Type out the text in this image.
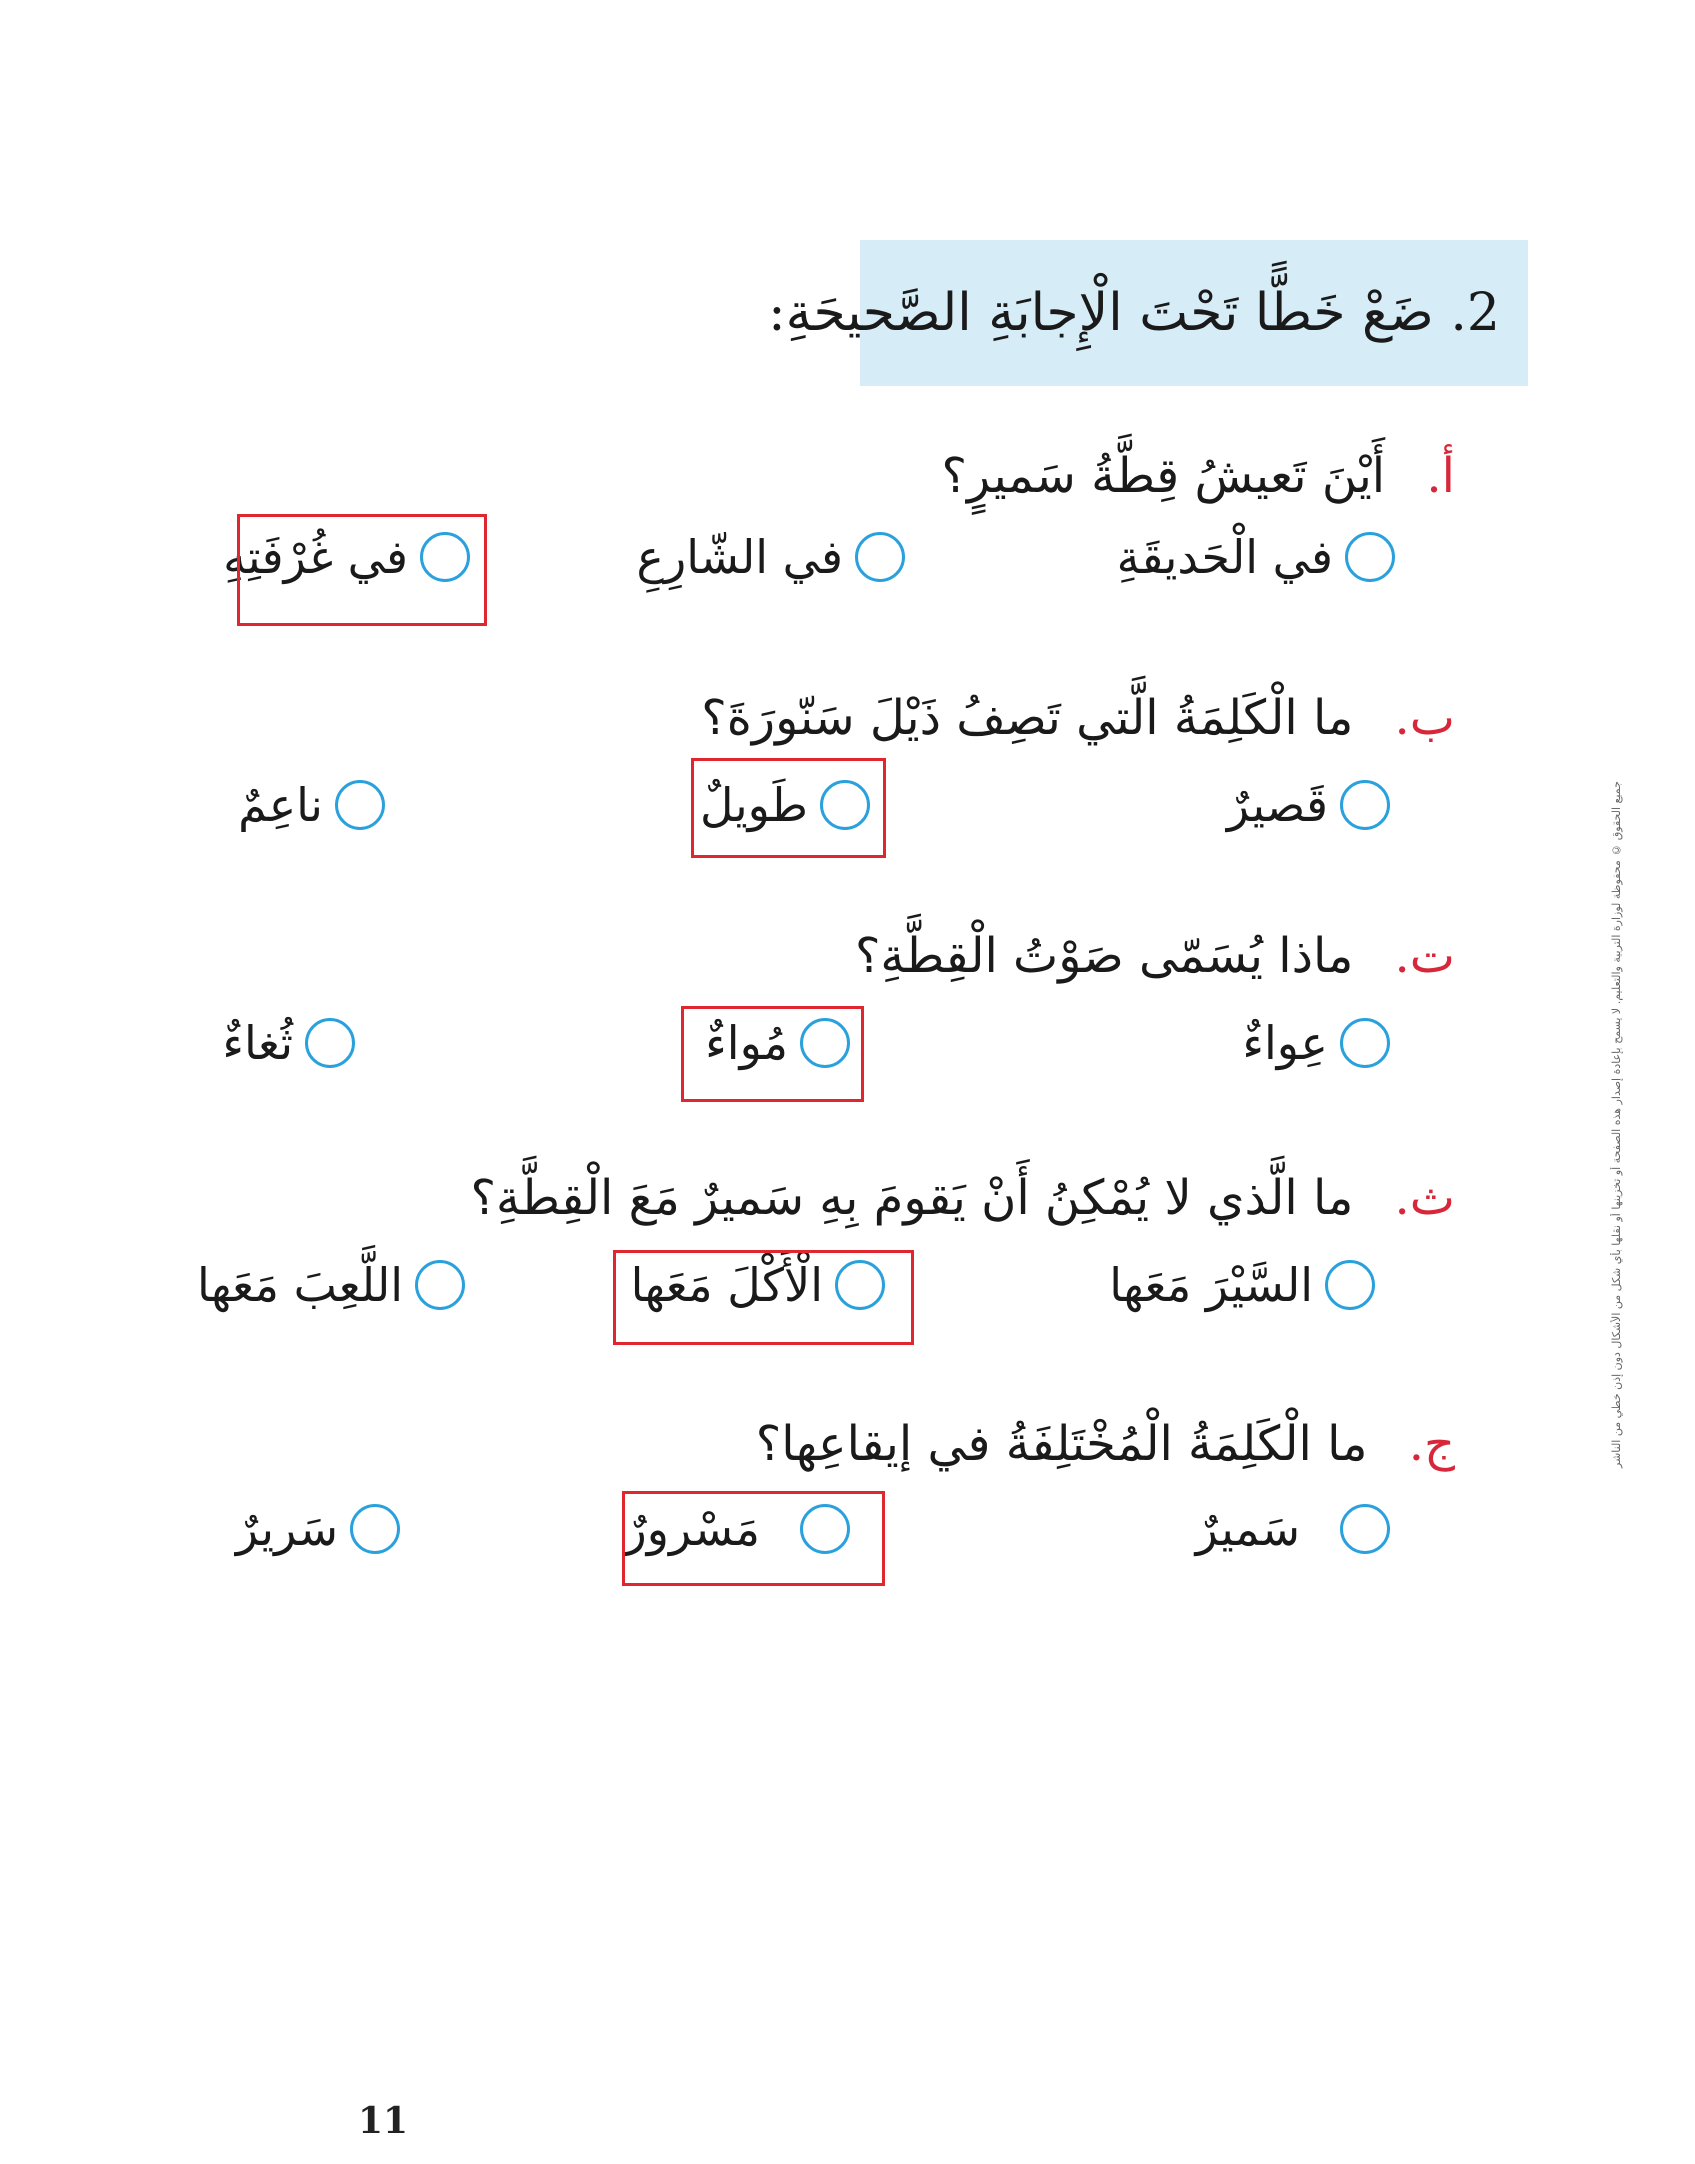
2. ضَعْ خَطًّا تَحْتَ الْإِجابَةِ الصَّحيحَةِ:
أ. أَيْنَ تَعيشُ قِطَّةُ سَميرٍ؟
في الْحَديقَةِ
في الشّارِعِ
في غُرْفَتِهِ
ب. ما الْكَلِمَةُ الَّتي تَصِفُ ذَيْلَ سَنّورَةَ؟
قَصيرٌ
طَويلٌ
ناعِمٌ
ت. ماذا يُسَمّى صَوْتُ الْقِطَّةِ؟
عِواءٌ
مُواءٌ
ثُغاءٌ
ث. ما الَّذي لا يُمْكِنُ أَنْ يَقومَ بِهِ سَميرٌ مَعَ الْقِطَّةِ؟
السَّيْرَ مَعَها
الْأَكْلَ مَعَها
اللَّعِبَ مَعَها
ج. ما الْكَلِمَةُ الْمُخْتَلِفَةُ في إيقاعِها؟
سَميرٌ
مَسْرورٌ
سَريرٌ
جميع الحقوق © محفوظة لوزارة التربية والتعليم. لا يسمح بإعادة إصدار هذه الصفحة أو تخزينها أو نقلها بأي شكل من الأشكال دون إذن خطي من الناشر
11
